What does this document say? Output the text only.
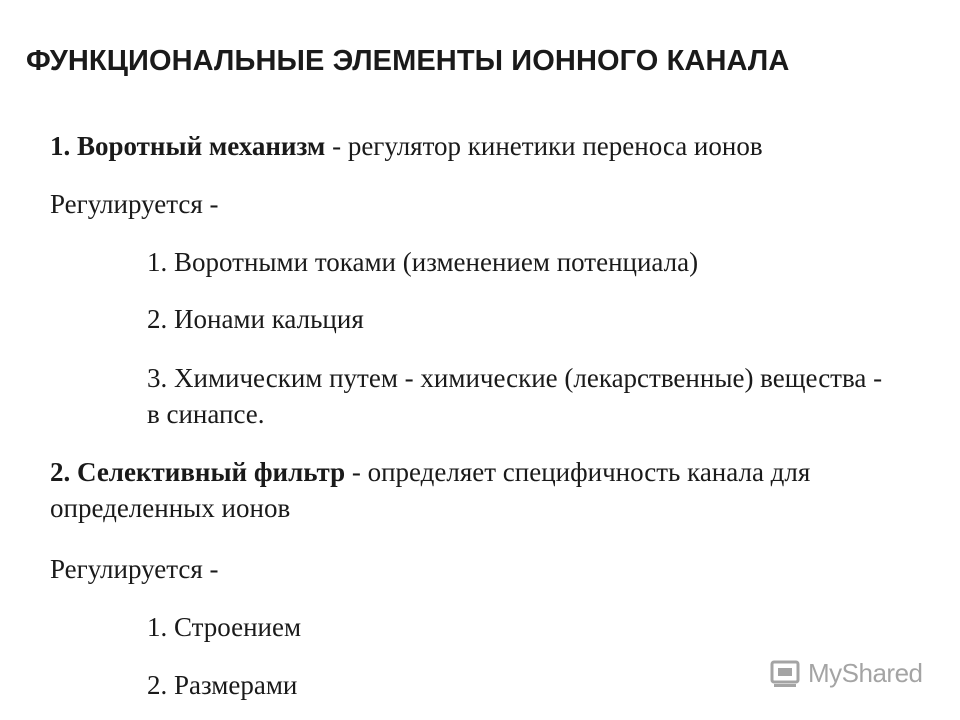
ФУНКЦИОНАЛЬНЫЕ ЭЛЕМЕНТЫ ИОННОГО КАНАЛА
1. Воротный механизм - регулятор кинетики переноса ионов
Регулируется -
1. Воротными токами (изменением потенциала)
2. Ионами кальция
3. Химическим путем - химические (лекарственные) вещества - в синапсе.
2. Селективный фильтр - определяет специфичность канала для определенных ионов
Регулируется -
1. Строением
2. Размерами	MyShared
